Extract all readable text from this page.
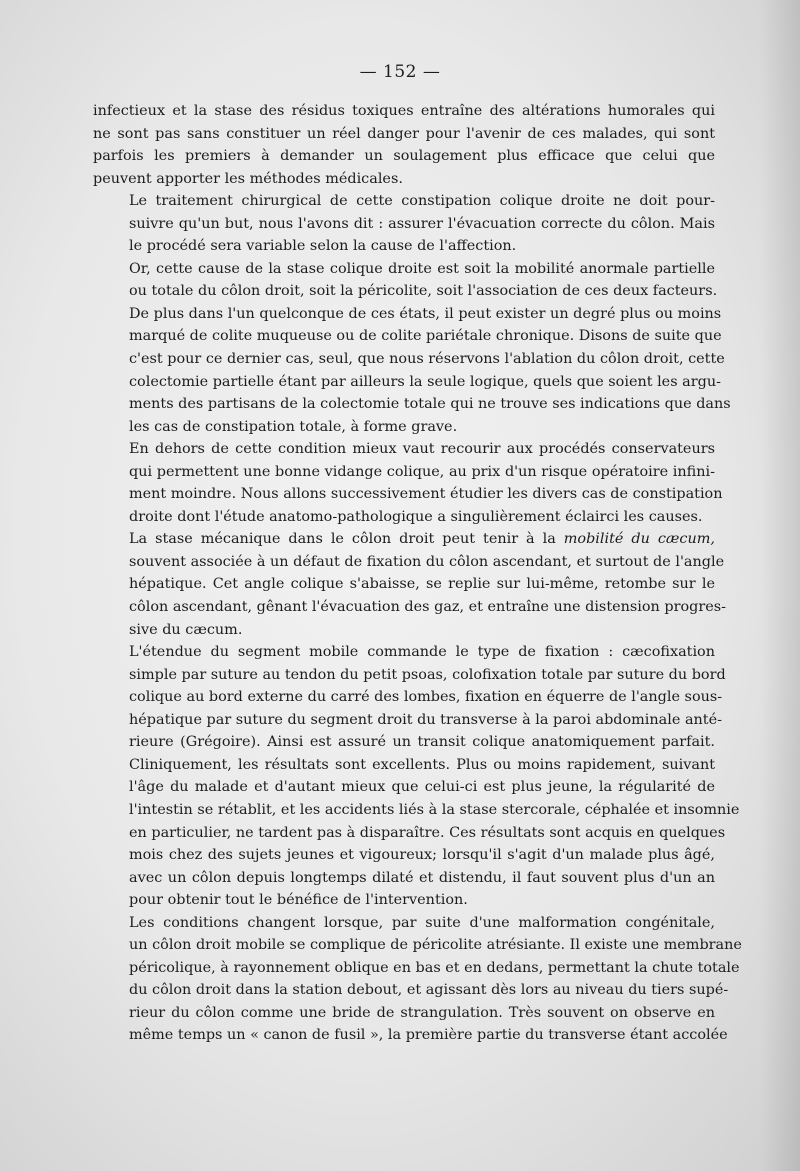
— 152 —

infectieux et la stase des résidus toxiques entraîne des altérations humorales qui
ne sont pas sans constituer un réel danger pour l'avenir de ces malades, qui sont
parfois les premiers à demander un soulagement plus efficace que celui que
peuvent apporter les méthodes médicales.

Le traitement chirurgical de cette constipation colique droite ne doit pour-
suivre qu'un but, nous l'avons dit : assurer l'évacuation correcte du côlon. Mais
le procédé sera variable selon la cause de l'affection.

Or, cette cause de la stase colique droite est soit la mobilité anormale partielle
ou totale du côlon droit, soit la péricolite, soit l'association de ces deux facteurs.
De plus dans l'un quelconque de ces états, il peut exister un degré plus ou moins
marqué de colite muqueuse ou de colite pariétale chronique. Disons de suite que
c'est pour ce dernier cas, seul, que nous réservons l'ablation du côlon droit, cette
colectomie partielle étant par ailleurs la seule logique, quels que soient les argu-
ments des partisans de la colectomie totale qui ne trouve ses indications que dans
les cas de constipation totale, à forme grave.

En dehors de cette condition mieux vaut recourir aux procédés conservateurs
qui permettent une bonne vidange colique, au prix d'un risque opératoire infini-
ment moindre. Nous allons successivement étudier les divers cas de constipation
droite dont l'étude anatomo-pathologique a singulièrement éclairci les causes.

La stase mécanique dans le côlon droit peut tenir à la mobilité du cæcum,
souvent associée à un défaut de fixation du côlon ascendant, et surtout de l'angle
hépatique. Cet angle colique s'abaisse, se replie sur lui-même, retombe sur le
côlon ascendant, gênant l'évacuation des gaz, et entraîne une distension progres-
sive du cæcum.

L'étendue du segment mobile commande le type de fixation : cæcofixation
simple par suture au tendon du petit psoas, colofixation totale par suture du bord
colique au bord externe du carré des lombes, fixation en équerre de l'angle sous-
hépatique par suture du segment droit du transverse à la paroi abdominale anté-
rieure (Grégoire). Ainsi est assuré un transit colique anatomiquement parfait.
Cliniquement, les résultats sont excellents. Plus ou moins rapidement, suivant
l'âge du malade et d'autant mieux que celui-ci est plus jeune, la régularité de
l'intestin se rétablit, et les accidents liés à la stase stercorale, céphalée et insomnie
en particulier, ne tardent pas à disparaître. Ces résultats sont acquis en quelques
mois chez des sujets jeunes et vigoureux; lorsqu'il s'agit d'un malade plus âgé,
avec un côlon depuis longtemps dilaté et distendu, il faut souvent plus d'un an
pour obtenir tout le bénéfice de l'intervention.

Les conditions changent lorsque, par suite d'une malformation congénitale,
un côlon droit mobile se complique de péricolite atrésiante. Il existe une membrane
péricolique, à rayonnement oblique en bas et en dedans, permettant la chute totale
du côlon droit dans la station debout, et agissant dès lors au niveau du tiers supé-
rieur du côlon comme une bride de strangulation. Très souvent on observe en
même temps un « canon de fusil », la première partie du transverse étant accolée
